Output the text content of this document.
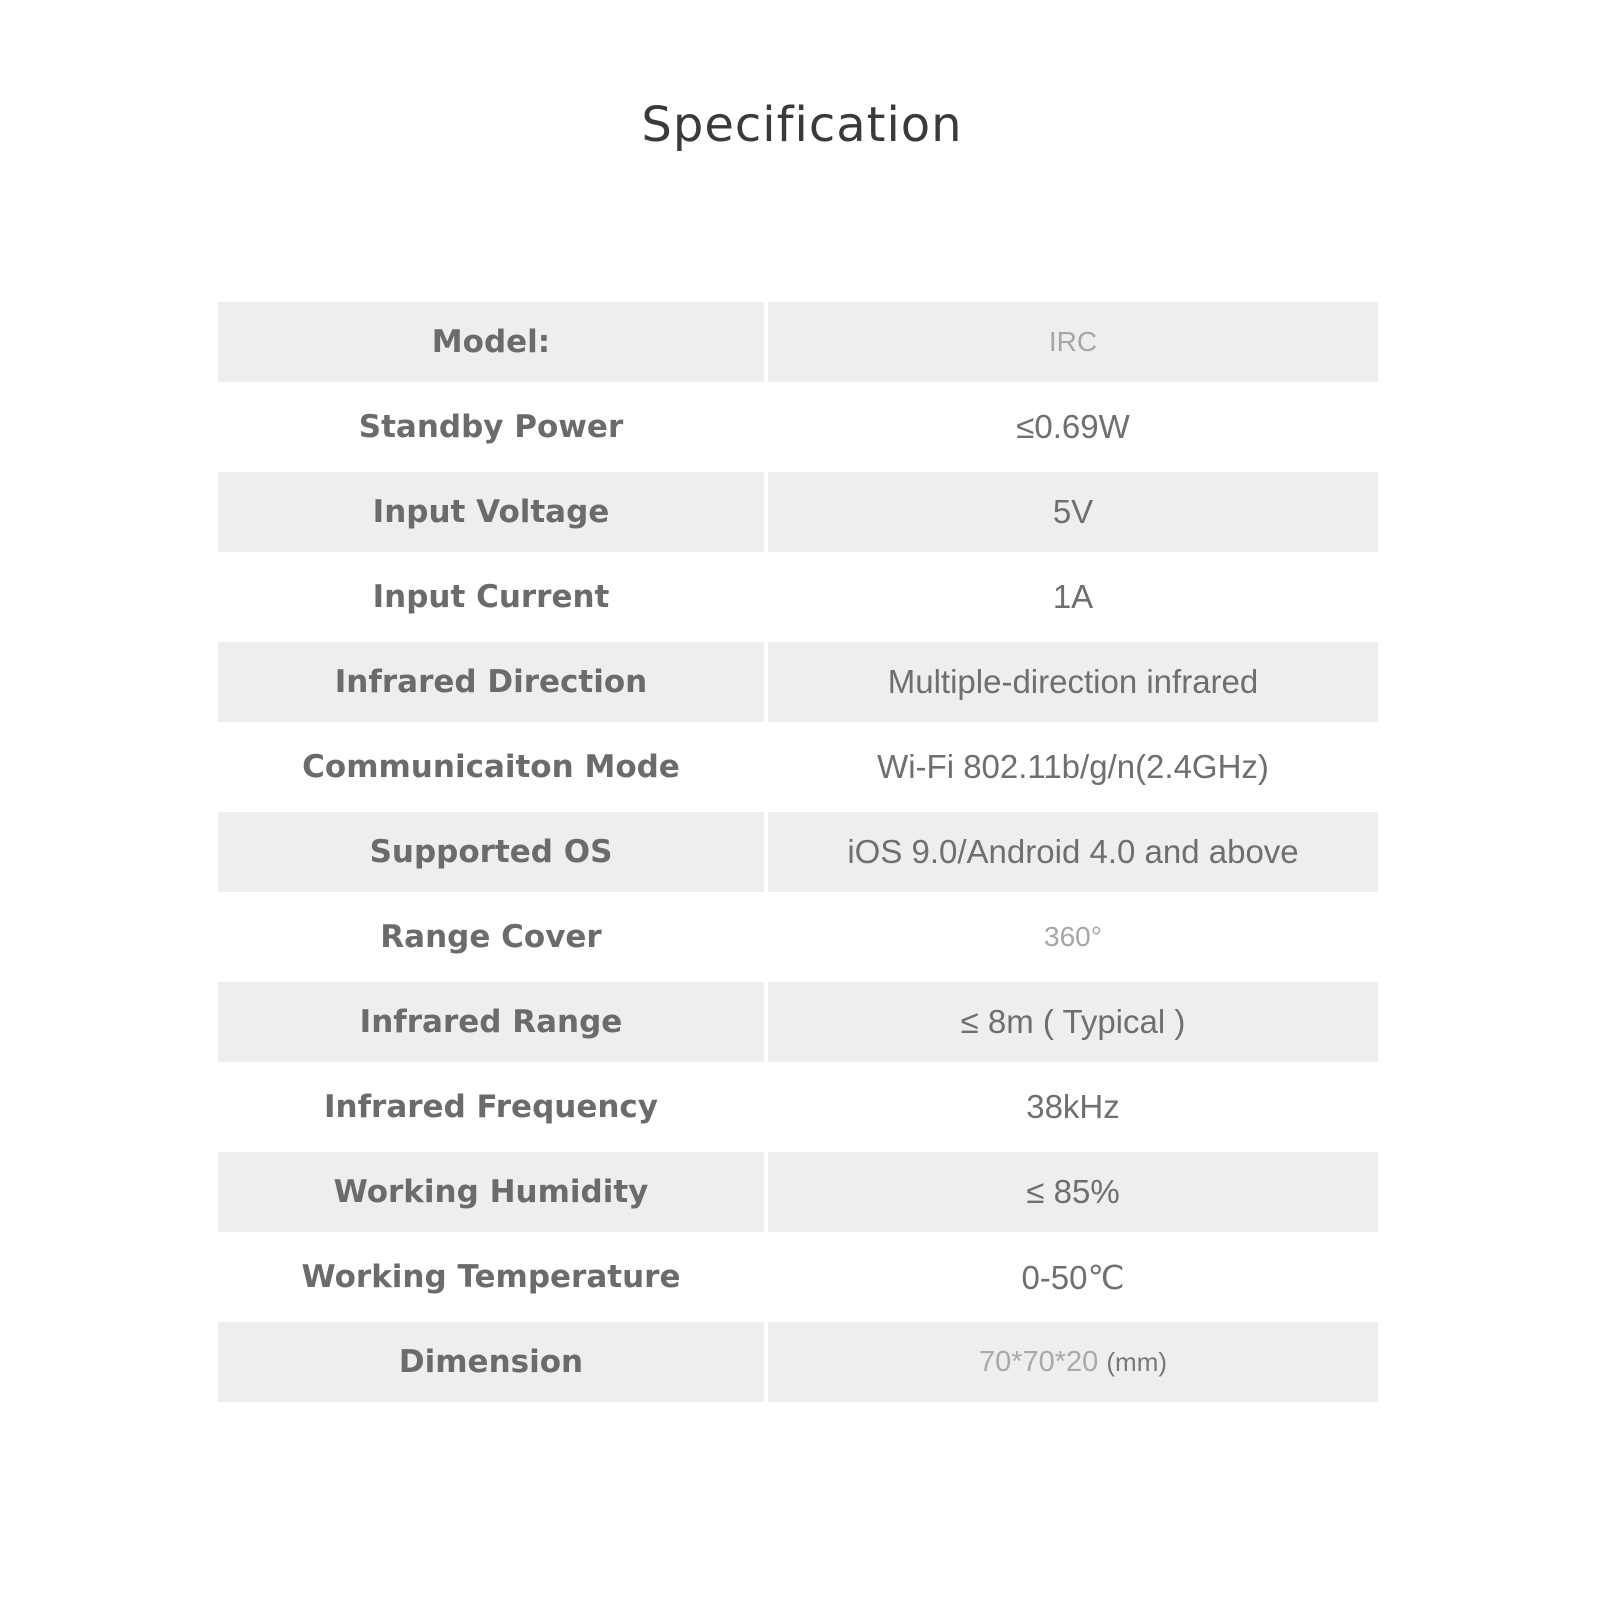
Specification
Model:	IRC
Standby Power	≤0.69W
Input Voltage	5V
Input Current	1A
Infrared Direction	Multiple-direction infrared
Communicaiton Mode	Wi-Fi 802.11b/g/n(2.4GHz)
Supported OS	iOS 9.0/Android 4.0 and above
Range Cover	360°
Infrared Range	≤ 8m ( Typical )
Infrared Frequency	38kHz
Working Humidity	≤ 85%
Working Temperature	0-50℃
Dimension	70*70*20 (mm)
